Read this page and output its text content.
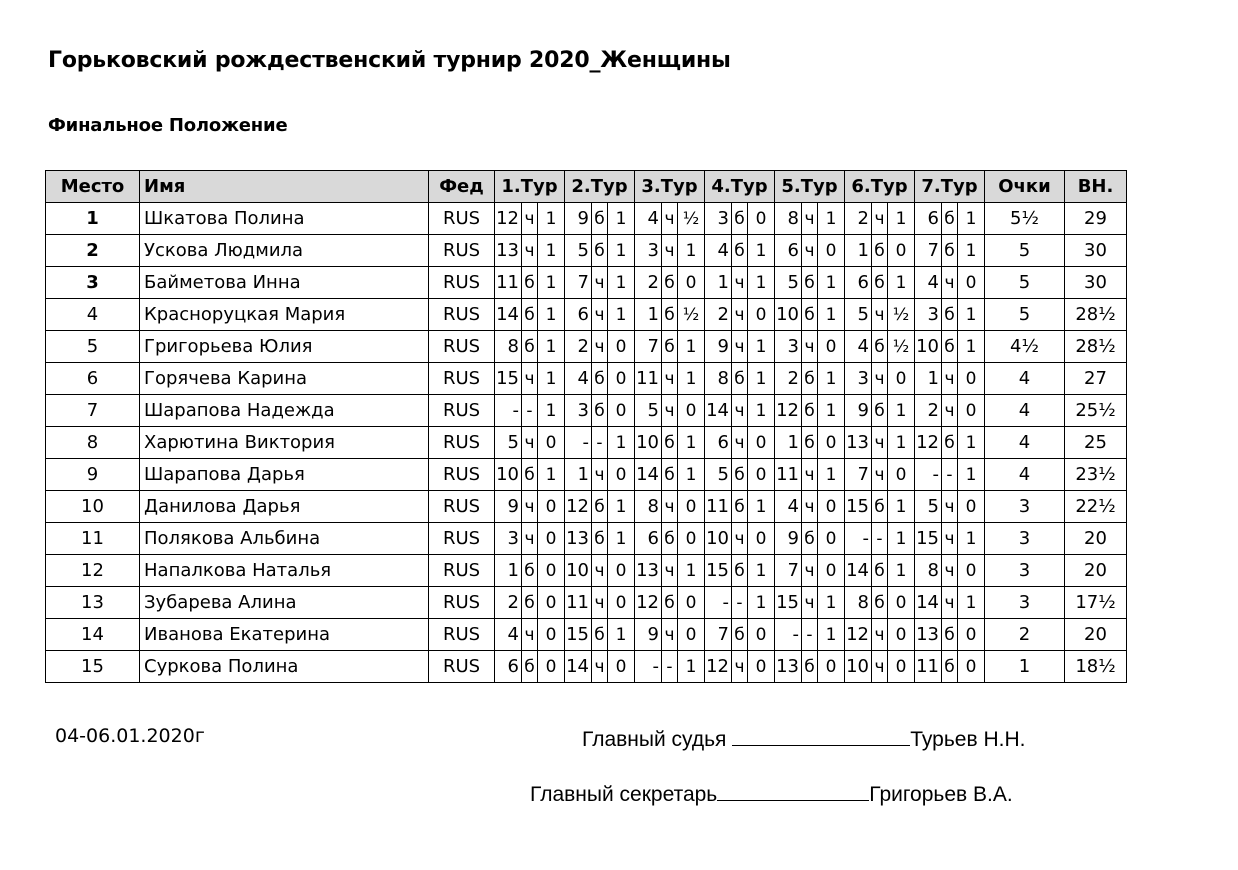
Горьковский рождественский турнир 2020_Женщины
Финальное Положение
Место	Имя	Фед	1.Тур			2.Тур			3.Тур			4.Тур			5.Тур			6.Тур			7.Тур			Очки	ВН.
1	Шкатова Полина	RUS	12	ч	1	9	б	1	4	ч	½	3	б	0	8	ч	1	2	ч	1	6	б	1	5½	29
2	Ускова Людмила	RUS	13	ч	1	5	б	1	3	ч	1	4	б	1	6	ч	0	1	б	0	7	б	1	5	30
3	Байметова Инна	RUS	11	б	1	7	ч	1	2	б	0	1	ч	1	5	б	1	6	б	1	4	ч	0	5	30
4	Красноруцкая Мария	RUS	14	б	1	6	ч	1	1	б	½	2	ч	0	10	б	1	5	ч	½	3	б	1	5	28½
5	Григорьева Юлия	RUS	8	б	1	2	ч	0	7	б	1	9	ч	1	3	ч	0	4	б	½	10	б	1	4½	28½
6	Горячева Карина	RUS	15	ч	1	4	б	0	11	ч	1	8	б	1	2	б	1	3	ч	0	1	ч	0	4	27
7	Шарапова Надежда	RUS	-	-	1	3	б	0	5	ч	0	14	ч	1	12	б	1	9	б	1	2	ч	0	4	25½
8	Харютина Виктория	RUS	5	ч	0	-	-	1	10	б	1	6	ч	0	1	б	0	13	ч	1	12	б	1	4	25
9	Шарапова Дарья	RUS	10	б	1	1	ч	0	14	б	1	5	б	0	11	ч	1	7	ч	0	-	-	1	4	23½
10	Данилова Дарья	RUS	9	ч	0	12	б	1	8	ч	0	11	б	1	4	ч	0	15	б	1	5	ч	0	3	22½
11	Полякова Альбина	RUS	3	ч	0	13	б	1	6	б	0	10	ч	0	9	б	0	-	-	1	15	ч	1	3	20
12	Напалкова Наталья	RUS	1	б	0	10	ч	0	13	ч	1	15	б	1	7	ч	0	14	б	1	8	ч	0	3	20
13	Зубарева Алина	RUS	2	б	0	11	ч	0	12	б	0	-	-	1	15	ч	1	8	б	0	14	ч	1	3	17½
14	Иванова Екатерина	RUS	4	ч	0	15	б	1	9	ч	0	7	б	0	-	-	1	12	ч	0	13	б	0	2	20
15	Суркова Полина	RUS	6	б	0	14	ч	0	-	-	1	12	ч	0	13	б	0	10	ч	0	11	б	0	1	18½
04-06.01.2020г	Главный судья	Турьев Н.Н.
Главный секретарь	Григорьев В.А.
